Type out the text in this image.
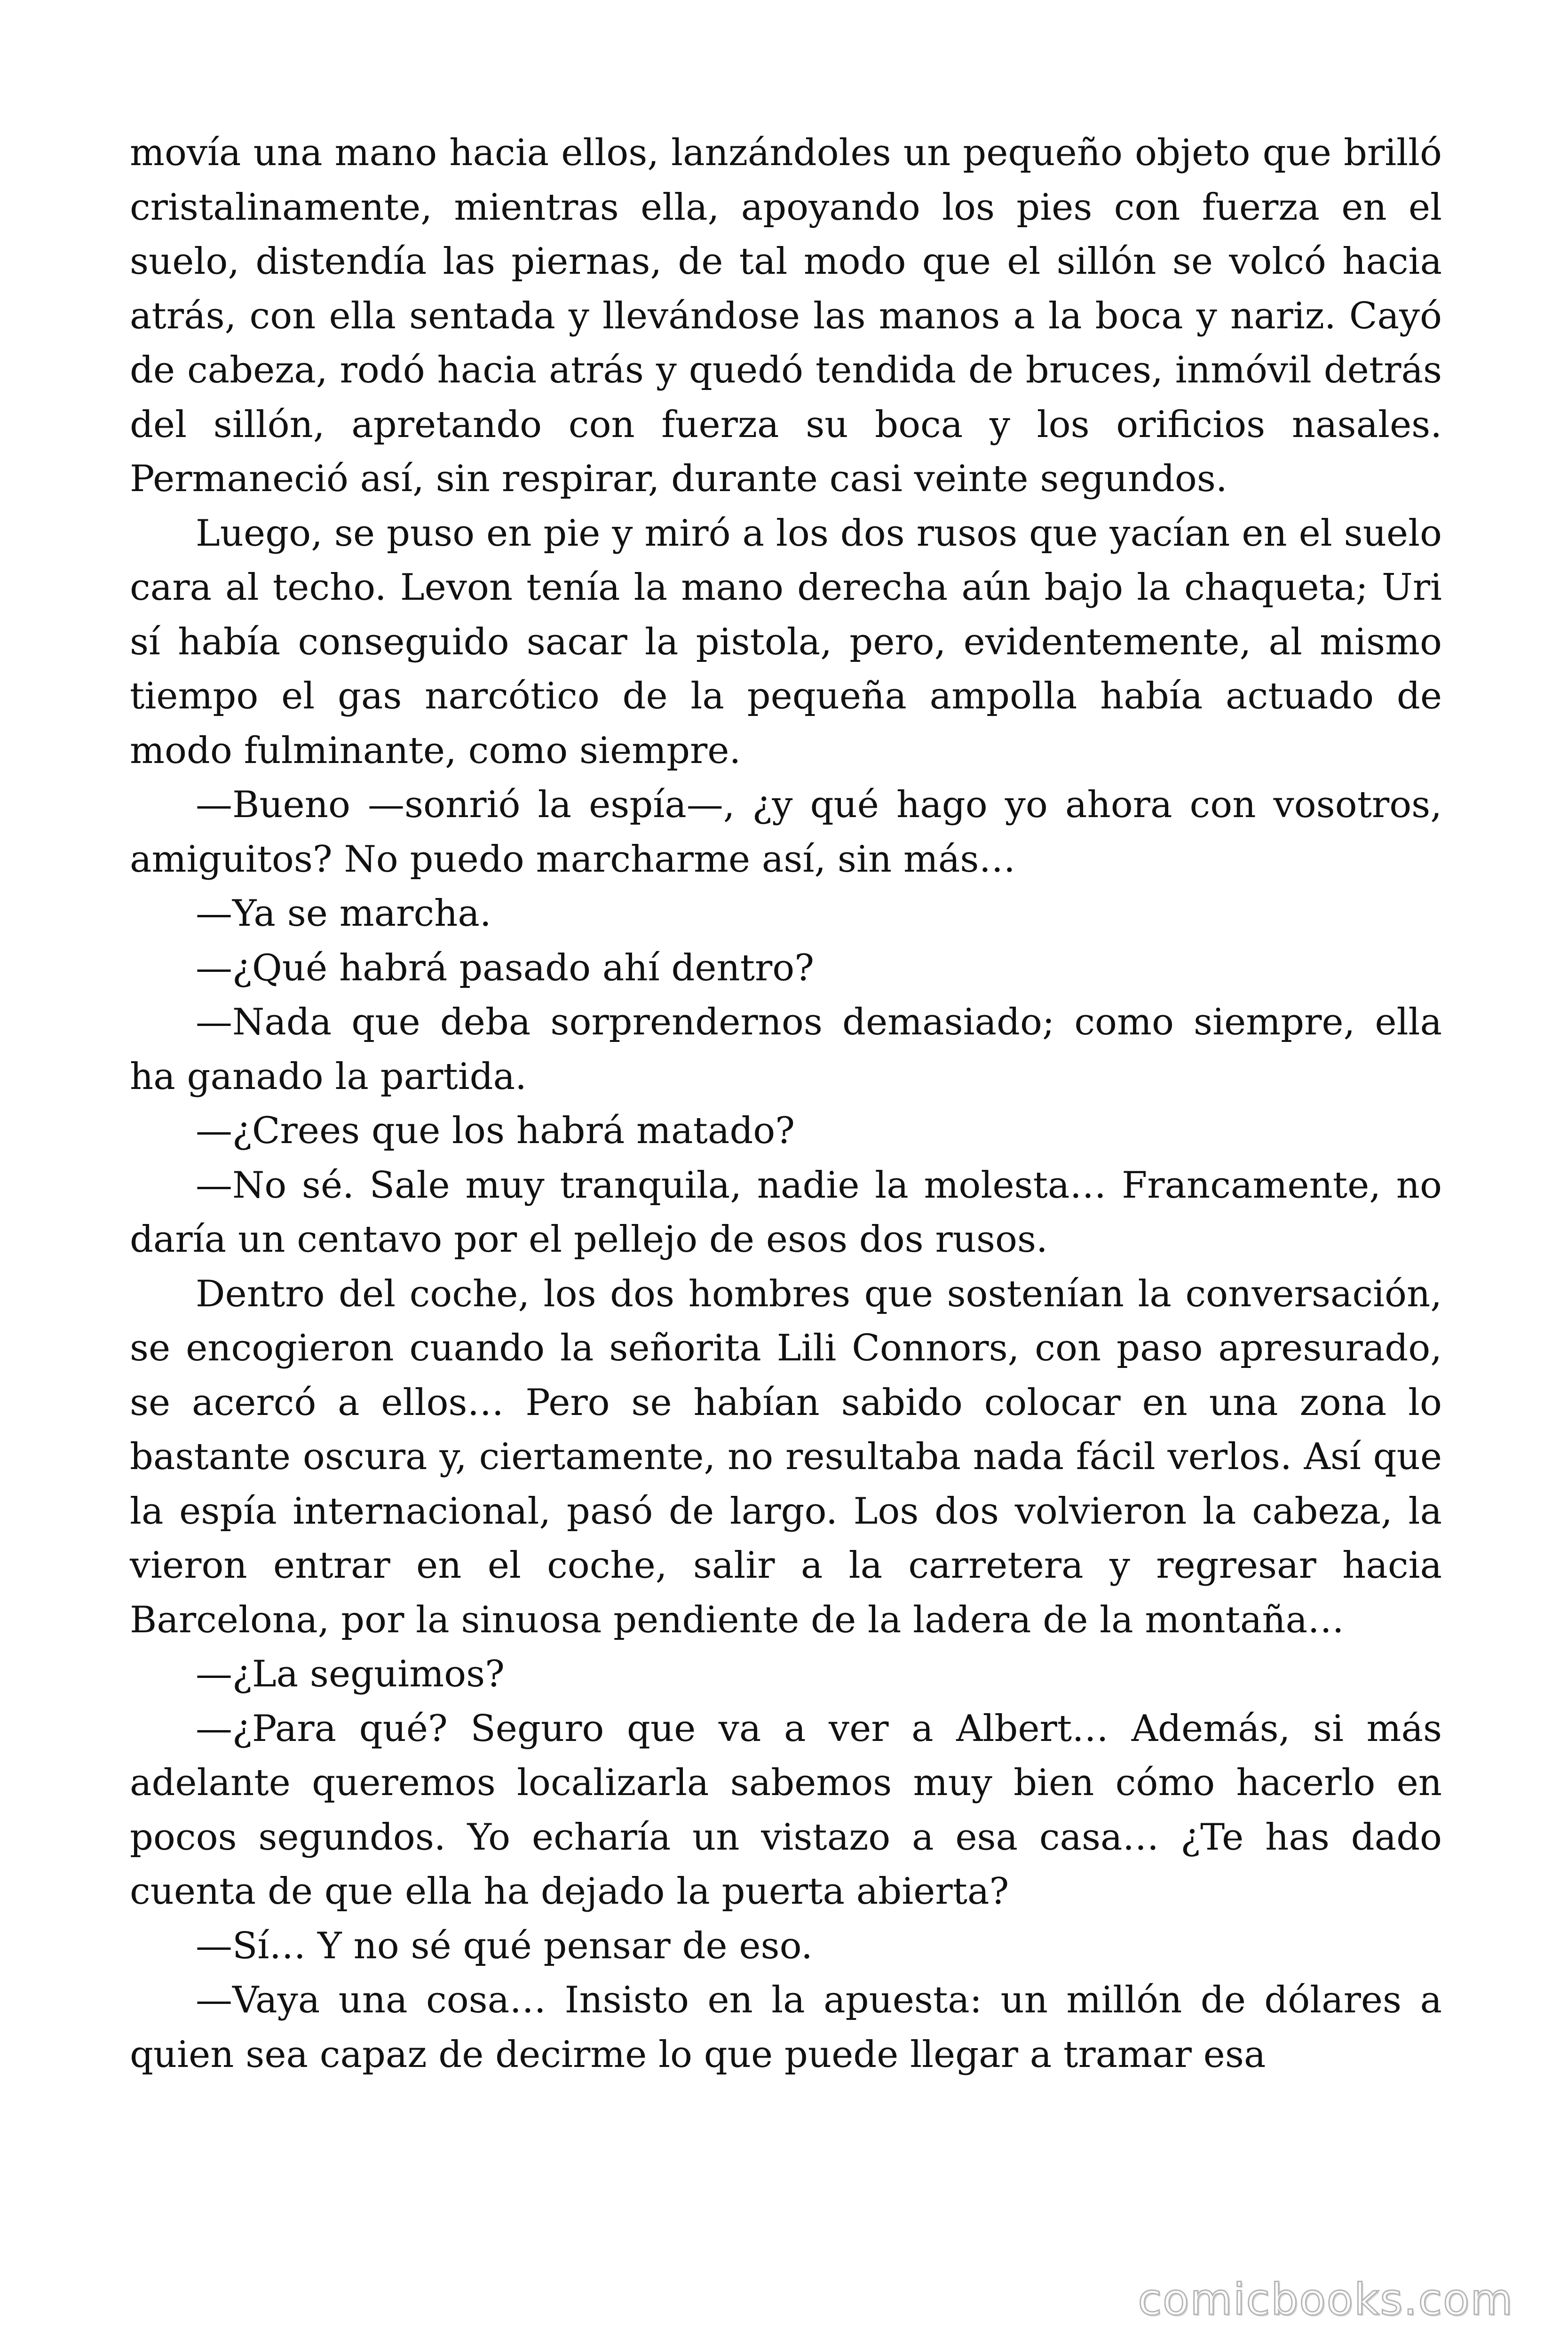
movía una mano hacia ellos, lanzándoles un pequeño objeto que brilló cristalinamente, mientras ella, apoyando los pies con fuerza en el suelo, distendía las piernas, de tal modo que el sillón se volcó hacia atrás, con ella sentada y llevándose las manos a la boca y nariz. Cayó de cabeza, rodó hacia atrás y quedó tendida de bruces, inmóvil detrás del sillón, apretando con fuerza su boca y los orificios nasales. Permaneció así, sin respirar, durante casi veinte segundos.

Luego, se puso en pie y miró a los dos rusos que yacían en el suelo cara al techo. Levon tenía la mano derecha aún bajo la chaqueta; Uri sí había conseguido sacar la pistola, pero, evidentemente, al mismo tiempo el gas narcótico de la pequeña ampolla había actuado de modo fulminante, como siempre.

—Bueno —sonrió la espía—, ¿y qué hago yo ahora con vosotros, amiguitos? No puedo marcharme así, sin más…

—Ya se marcha.

—¿Qué habrá pasado ahí dentro?

—Nada que deba sorprendernos demasiado; como siempre, ella ha ganado la partida.

—¿Crees que los habrá matado?

—No sé. Sale muy tranquila, nadie la molesta… Francamente, no daría un centavo por el pellejo de esos dos rusos.

Dentro del coche, los dos hombres que sostenían la conversación, se encogieron cuando la señorita Lili Connors, con paso apresurado, se acercó a ellos… Pero se habían sabido colocar en una zona lo bastante oscura y, ciertamente, no resultaba nada fácil verlos. Así que la espía internacional, pasó de largo. Los dos volvieron la cabeza, la vieron entrar en el coche, salir a la carretera y regresar hacia Barcelona, por la sinuosa pendiente de la ladera de la montaña…

—¿La seguimos?

—¿Para qué? Seguro que va a ver a Albert… Además, si más adelante queremos localizarla sabemos muy bien cómo hacerlo en pocos segundos. Yo echaría un vistazo a esa casa… ¿Te has dado cuenta de que ella ha dejado la puerta abierta?

—Sí… Y no sé qué pensar de eso.

—Vaya una cosa… Insisto en la apuesta: un millón de dólares a quien sea capaz de decirme lo que puede llegar a tramar esa

comicbooks.com
